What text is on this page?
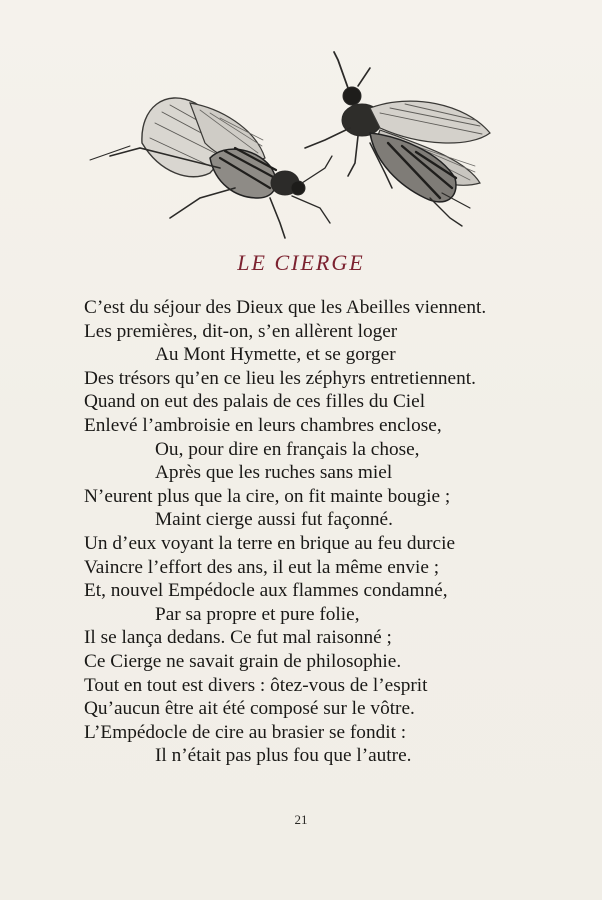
LE CIERGE
C’est du séjour des Dieux que les Abeilles viennent.
Les premières, dit-on, s’en allèrent loger
Au Mont Hymette, et se gorger
Des trésors qu’en ce lieu les zéphyrs entretiennent.
Quand on eut des palais de ces filles du Ciel
Enlevé l’ambroisie en leurs chambres enclose,
Ou, pour dire en français la chose,
Après que les ruches sans miel
N’eurent plus que la cire, on fit mainte bougie ;
Maint cierge aussi fut façonné.
Un d’eux voyant la terre en brique au feu durcie
Vaincre l’effort des ans, il eut la même envie ;
Et, nouvel Empédocle aux flammes condamné,
Par sa propre et pure folie,
Il se lança dedans. Ce fut mal raisonné ;
Ce Cierge ne savait grain de philosophie.
Tout en tout est divers : ôtez-vous de l’esprit
Qu’aucun être ait été composé sur le vôtre.
L’Empédocle de cire au brasier se fondit :
Il n’était pas plus fou que l’autre.
21
